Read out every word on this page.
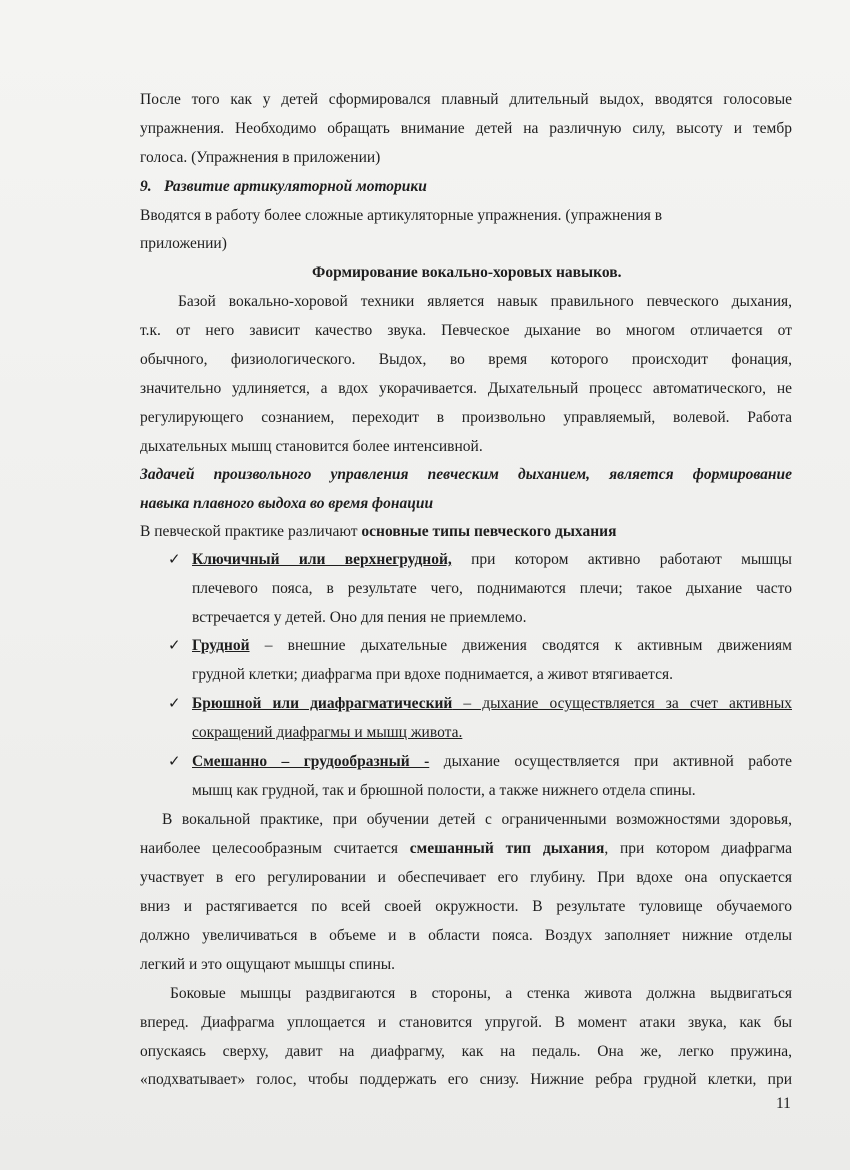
После того как у детей сформировался плавный длительный выдох, вводятся голосовые
упражнения. Необходимо обращать внимание детей на различную силу, высоту и тембр
голоса. (Упражнения в приложении)
9. Развитие артикуляторной моторики
Вводятся в работу более сложные артикуляторные упражнения. (упражнения в
приложении)
Формирование вокально-хоровых навыков.
Базой вокально-хоровой техники является навык правильного певческого дыхания,
т.к. от него зависит качество звука. Певческое дыхание во многом отличается от
обычного, физиологического. Выдох, во время которого происходит фонация,
значительно удлиняется, а вдох укорачивается. Дыхательный процесс автоматического, не
регулирующего сознанием, переходит в произвольно управляемый, волевой. Работа
дыхательных мышц становится более интенсивной.
Задачей произвольного управления певческим дыханием, является формирование
навыка плавного выдоха во время фонации
В певческой практике различают основные типы певческого дыхания
✓ Ключичный или верхнегрудной, при котором активно работают мышцы
плечевого пояса, в результате чего, поднимаются плечи; такое дыхание часто
встречается у детей. Оно для пения не приемлемо.
✓ Грудной – внешние дыхательные движения сводятся к активным движениям
грудной клетки; диафрагма при вдохе поднимается, а живот втягивается.
✓ Брюшной или диафрагматический – дыхание осуществляется за счет активных
сокращений диафрагмы и мышц живота.
✓ Смешанно – грудообразный - дыхание осуществляется при активной работе
мышц как грудной, так и брюшной полости, а также нижнего отдела спины.
В вокальной практике, при обучении детей с ограниченными возможностями здоровья,
наиболее целесообразным считается смешанный тип дыхания, при котором диафрагма
участвует в его регулировании и обеспечивает его глубину. При вдохе она опускается
вниз и растягивается по всей своей окружности. В результате туловище обучаемого
должно увеличиваться в объеме и в области пояса. Воздух заполняет нижние отделы
легкий и это ощущают мышцы спины.
Боковые мышцы раздвигаются в стороны, а стенка живота должна выдвигаться
вперед. Диафрагма уплощается и становится упругой. В момент атаки звука, как бы
опускаясь сверху, давит на диафрагму, как на педаль. Она же, легко пружина,
«подхватывает» голос, чтобы поддержать его снизу. Нижние ребра грудной клетки, при
11
